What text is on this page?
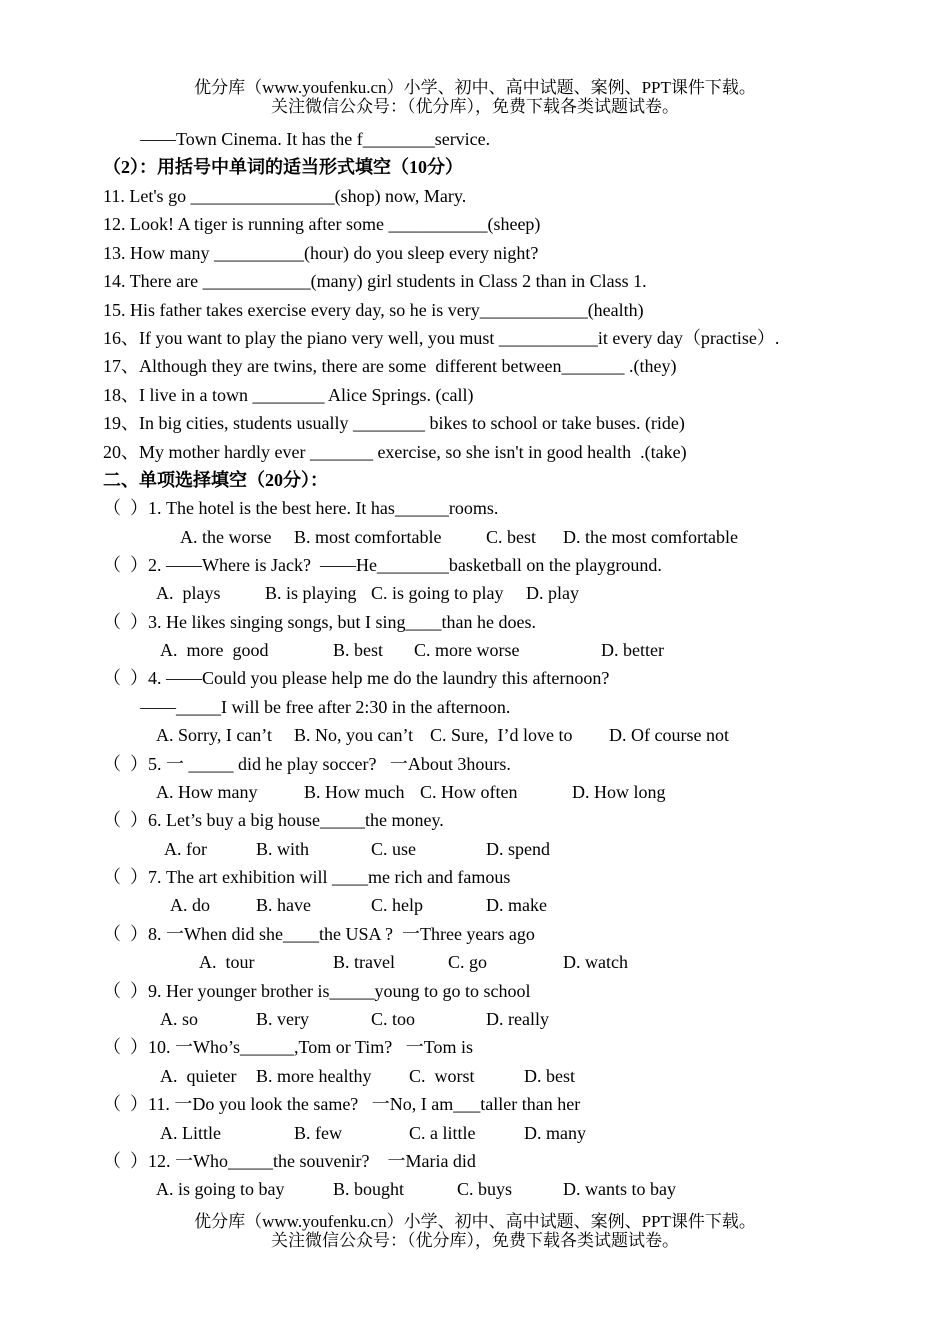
优分库（www.youfenku.cn）小学、初中、高中试题、案例、PPT课件下载。
关注微信公众号：（优分库），免费下载各类试题试卷。
——Town Cinema. It has the f________service.
（2）：用括号中单词的适当形式填空（10分）
11. Let's go ________________(shop) now, Mary.
12. Look! A tiger is running after some ___________(sheep)
13. How many __________(hour) do you sleep every night?
14. There are ____________(many) girl students in Class 2 than in Class 1.
15. His father takes exercise every day, so he is very____________(health)
16、If you want to play the piano very well, you must ___________it every day（practise）.
17、Although they are twins, there are some  different between_______ .(they)
18、I live in a town ________ Alice Springs. (call)
19、In big cities, students usually ________ bikes to school or take buses. (ride)
20、My mother hardly ever _______ exercise, so she isn't in good health  .(take)
二、单项选择填空（20分）：
（  ）1. The hotel is the best here. It has______rooms.
A. the worse B. most comfortable C. best D. the most comfortable
（  ）2. ——Where is Jack?  ——He________basketball on the playground.
A.  plays B. is playing C. is going to play D. play
（  ）3. He likes singing songs, but I sing____than he does.
A.  more  good	B. best C. more worse	D. better
（  ）4. ——Could you please help me do the laundry this afternoon?
——_____I will be free after 2:30 in the afternoon.
A. Sorry, I can’t B. No, you can’t C. Sure,  I’d love to D. Of course not
（  ）5. 一 _____ did he play soccer?   一About 3hours.
A. How many	B. How much C. How often	D. How long
（  ）6. Let’s buy a big house_____the money.
A. for	B. with	C. use	D. spend
（  ）7. The art exhibition will ____me rich and famous
A. do	B. have	C. help	D. make
（  ）8. 一When did she____the USA ?  一Three years ago
A.  tour	B. travel	C. go	D. watch
（  ）9. Her younger brother is_____young to go to school
A. so	B. very	C. too	D. really
（  ）10. 一Who’s______,Tom or Tim?   一Tom is
A.  quieter B. more healthy C.  worst	D. best
（  ）11. 一Do you look the same?   一No, I am___taller than her
A. Little	B. few	C. a little	D. many
（  ）12. 一Who_____the souvenir?    一Maria did
A. is going to bay	B. bought	C. buys	D. wants to bay
优分库（www.youfenku.cn）小学、初中、高中试题、案例、PPT课件下载。
关注微信公众号：（优分库），免费下载各类试题试卷。
